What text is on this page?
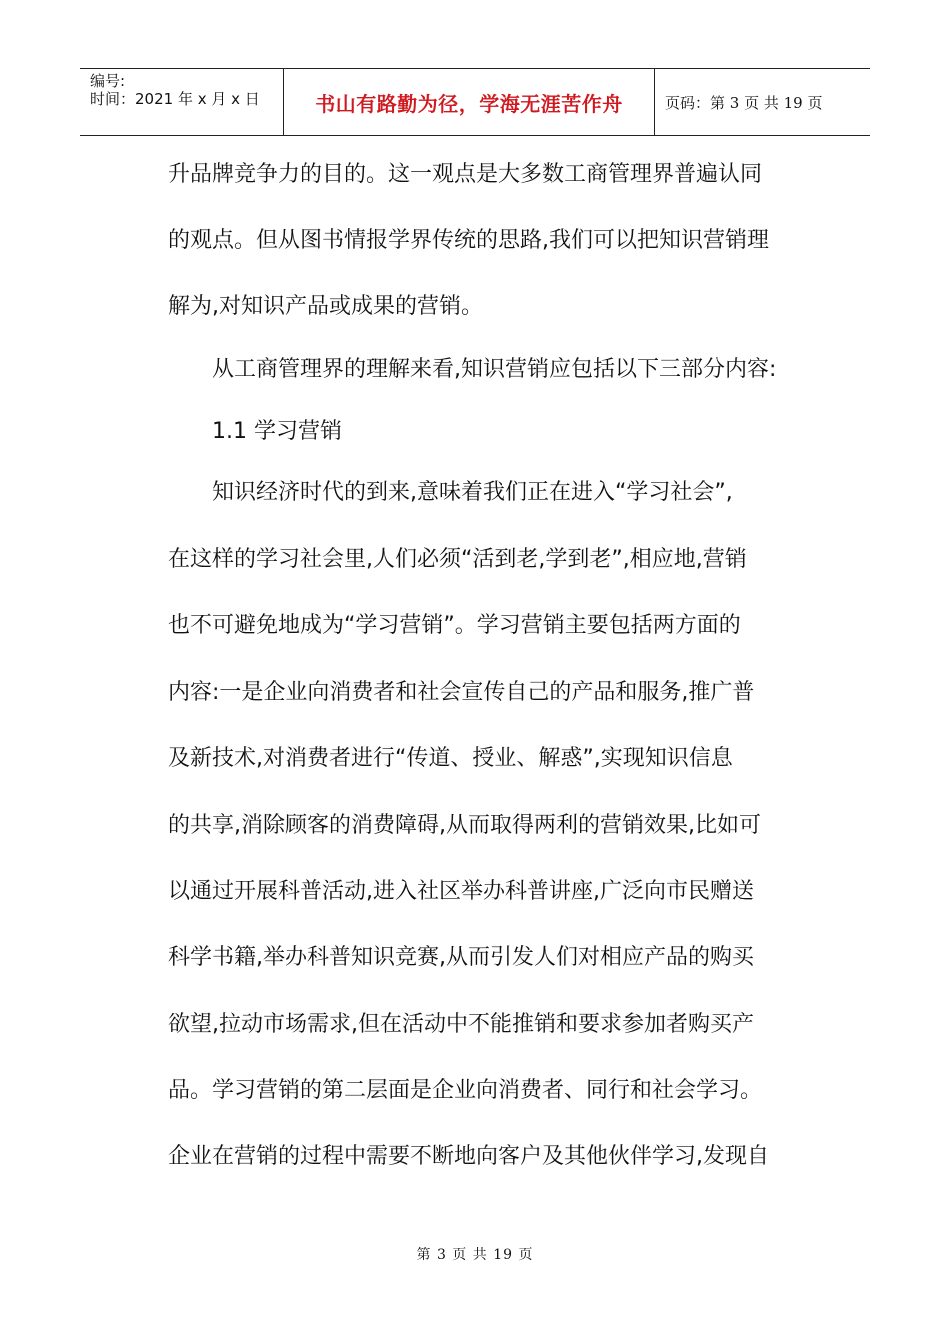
编号:
时间：2021 年 x 月 x 日	书山有路勤为径，学海无涯苦作舟	页码：第 3 页 共 19 页
升品牌竞争力的目的。这一观点是大多数工商管理界普遍认同
的观点。但从图书情报学界传统的思路,我们可以把知识营销理
解为,对知识产品或成果的营销。
从工商管理界的理解来看,知识营销应包括以下三部分内容:
1.1 学习营销
知识经济时代的到来,意味着我们正在进入“学习社会”,
在这样的学习社会里,人们必须“活到老,学到老”,相应地,营销
也不可避免地成为“学习营销”。学习营销主要包括两方面的
内容:一是企业向消费者和社会宣传自己的产品和服务,推广普
及新技术,对消费者进行“传道、授业、解惑”,实现知识信息
的共享,消除顾客的消费障碍,从而取得两利的营销效果,比如可
以通过开展科普活动,进入社区举办科普讲座,广泛向市民赠送
科学书籍,举办科普知识竞赛,从而引发人们对相应产品的购买
欲望,拉动市场需求,但在活动中不能推销和要求参加者购买产
品。学习营销的第二层面是企业向消费者、同行和社会学习。
企业在营销的过程中需要不断地向客户及其他伙伴学习,发现自
第 3 页 共 19 页
